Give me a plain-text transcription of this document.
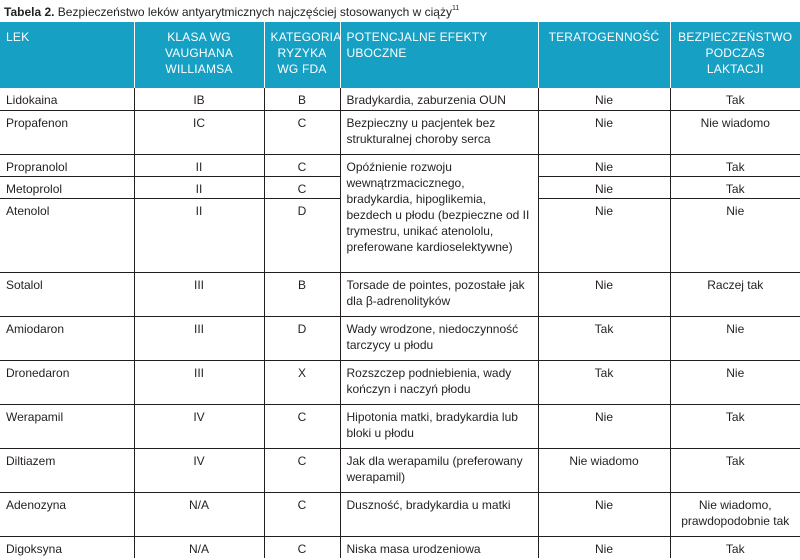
Tabela 2. Bezpieczeństwo leków antyarytmicznych najczęściej stosowanych w ciąży$^{11}$
LEK	KLASA WG VAUGHANA WILLIAMSA	KATEGORIA RYZYKA WG FDA	POTENCJALNE EFEKTY UBOCZNE	TERATOGENNOŚĆ	BEZPIECZEŃSTWO PODCZAS LAKTACJI
Lidokaina	IB	B	Bradykardia, zaburzenia OUN	Nie	Tak
Propafenon	IC	C	Bezpieczny u pacjentek bez strukturalnej choroby serca	Nie	Nie wiadomo
Propranolol	II	C	Opóźnienie rozwoju wewnątrzmacicznego, bradykardia, hipoglikemia, bezdech u płodu (bezpieczne od II trymestru, unikać atenololu, preferowane kardioselektywne)	Nie	Tak
Metoprolol	II	C		Nie	Tak
Atenolol	II	D		Nie	Nie
Sotalol	III	B	Torsade de pointes, pozostałe jak dla β-adrenolityków	Nie	Raczej tak
Amiodaron	III	D	Wady wrodzone, niedoczynność tarczycy u płodu	Tak	Nie
Dronedaron	III	X	Rozszczep podniebienia, wady kończyn i naczyń płodu	Tak	Nie
Werapamil	IV	C	Hipotonia matki, bradykardia lub bloki u płodu	Nie	Tak
Diltiazem	IV	C	Jak dla werapamilu (preferowany werapamil)	Nie wiadomo	Tak
Adenozyna	N/A	C	Duszność, bradykardia u matki	Nie	Nie wiadomo, prawdopodobnie tak
Digoksyna	N/A	C	Niska masa urodzeniowa	Nie	Tak
